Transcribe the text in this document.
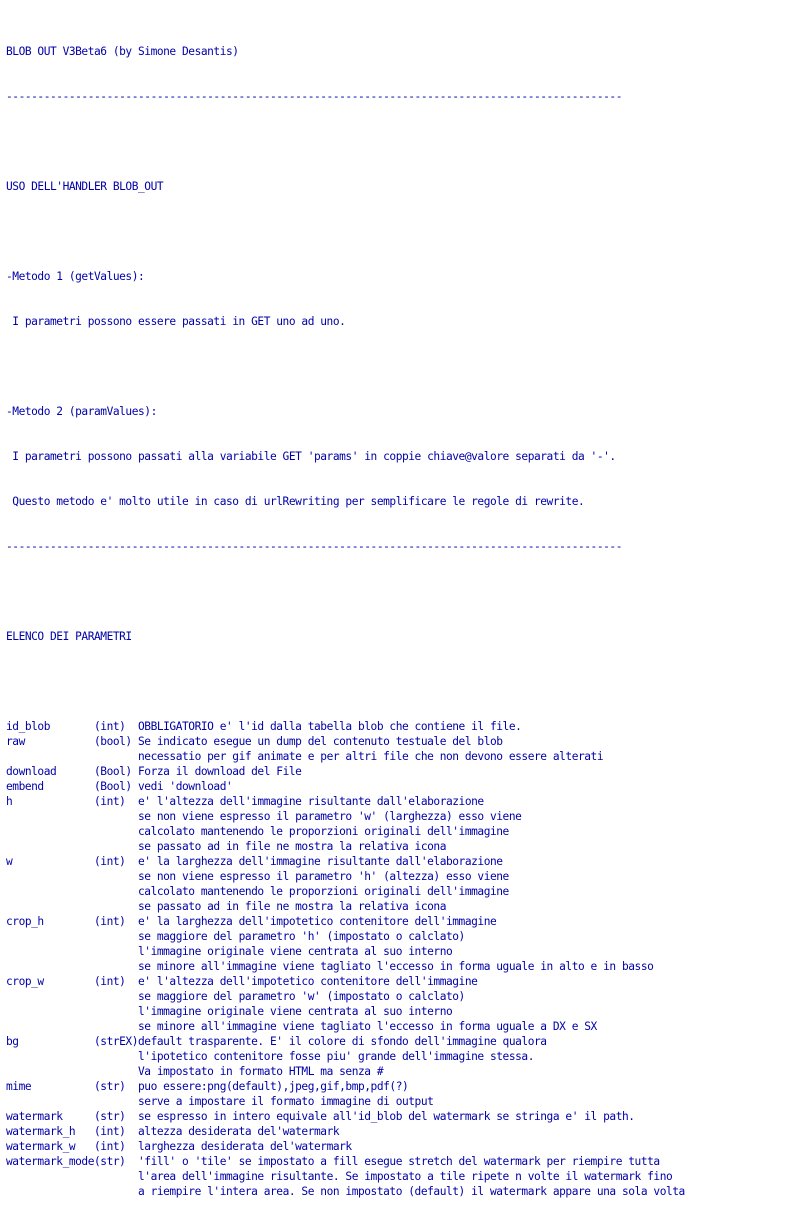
BLOB OUT V3Beta6 (by Simone Desantis)

--------------------------------------------------------------------------------------------------

USO DELL'HANDLER BLOB_OUT

-Metodo 1 (getValues):

I parametri possono essere passati in GET uno ad uno.

-Metodo 2 (paramValues):

I parametri possono passati alla variabile GET 'params' in coppie chiave@valore separati da '-'.

Questo metodo e' molto utile in caso di urlRewriting per semplificare le regole di rewrite.

--------------------------------------------------------------------------------------------------

ELENCO DEI PARAMETRI

id_blob       (int)  OBBLIGATORIO e' l'id dalla tabella blob che contiene il file.
raw           (bool) Se indicato esegue un dump del contenuto testuale del blob
necessatio per gif animate e per altri file che non devono essere alterati
download      (Bool) Forza il download del File
embend        (Bool) vedi 'download'
h             (int)  e' l'altezza dell'immagine risultante dall'elaborazione
se non viene espresso il parametro 'w' (larghezza) esso viene
calcolato mantenendo le proporzioni originali dell'immagine
se passato ad in file ne mostra la relativa icona
w             (int)  e' la larghezza dell'immagine risultante dall'elaborazione
se non viene espresso il parametro 'h' (altezza) esso viene
calcolato mantenendo le proporzioni originali dell'immagine
se passato ad in file ne mostra la relativa icona
crop_h        (int)  e' la larghezza dell'impotetico contenitore dell'immagine
se maggiore del parametro 'h' (impostato o calclato)
l'immagine originale viene centrata al suo interno
se minore all'immagine viene tagliato l'eccesso in forma uguale in alto e in basso
crop_w        (int)  e' l'altezza dell'impotetico contenitore dell'immagine
se maggiore del parametro 'w' (impostato o calclato)
l'immagine originale viene centrata al suo interno
se minore all'immagine viene tagliato l'eccesso in forma uguale a DX e SX
bg            (strEX)default trasparente. E' il colore di sfondo dell'immagine qualora
l'ipotetico contenitore fosse piu' grande dell'immagine stessa.
Va impostato in formato HTML ma senza #
mime          (str)  puo essere:png(default),jpeg,gif,bmp,pdf(?)
serve a impostare il formato immagine di output
watermark     (str)  se espresso in intero equivale all'id_blob del watermark se stringa e' il path.
watermark_h   (int)  altezza desiderata del'watermark
watermark_w   (int)  larghezza desiderata del'watermark
watermark_mode(str)  'fill' o 'tile' se impostato a fill esegue stretch del watermark per riempire tutta
l'area dell'immagine risultante. Se impostato a tile ripete n volte il watermark fino
a riempire l'intera area. Se non impostato (default) il watermark appare una sola volta
